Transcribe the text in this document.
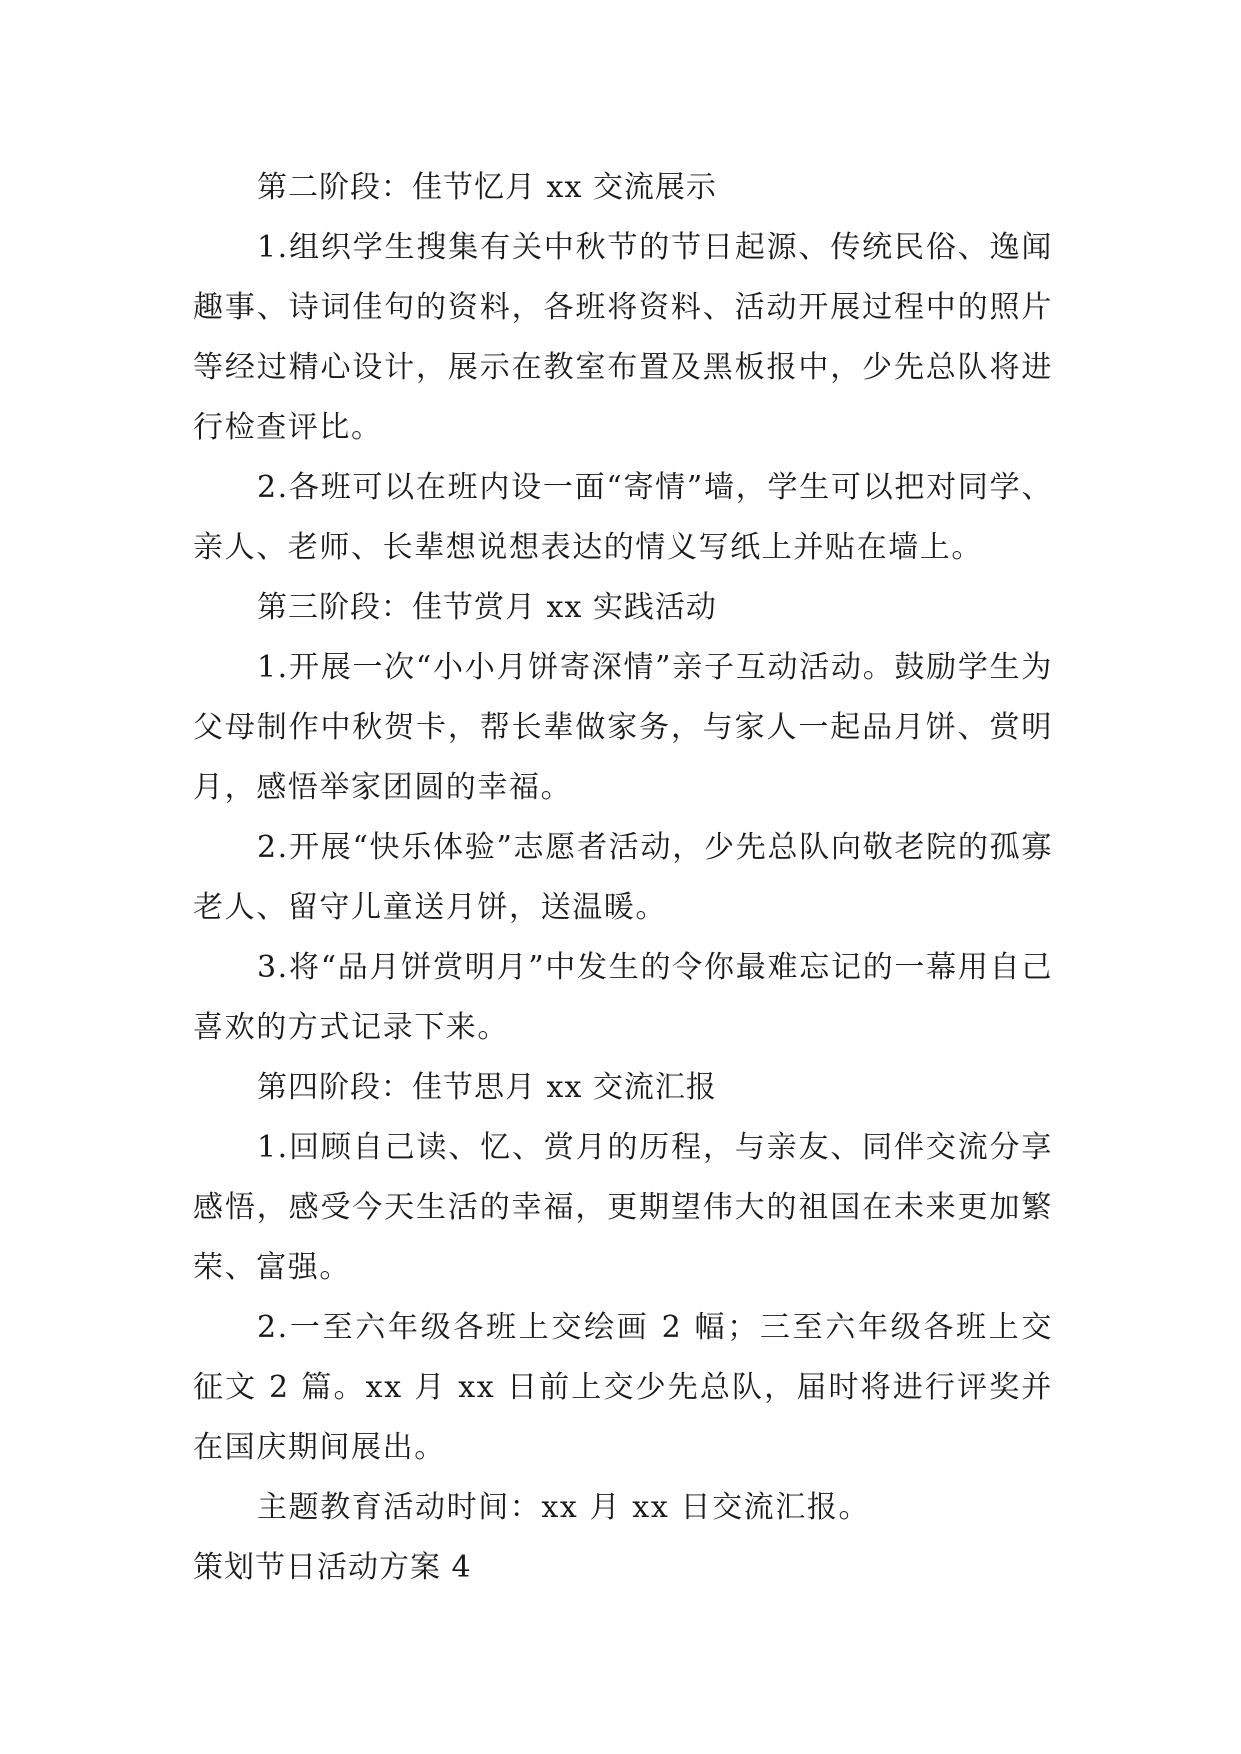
第二阶段：佳节忆月 xx 交流展示

1.组织学生搜集有关中秋节的节日起源、传统民俗、逸闻趣事、诗词佳句的资料，各班将资料、活动开展过程中的照片等经过精心设计，展示在教室布置及黑板报中，少先总队将进行检查评比。

2.各班可以在班内设一面“寄情”墙，学生可以把对同学、亲人、老师、长辈想说想表达的情义写纸上并贴在墙上。

第三阶段：佳节赏月 xx 实践活动

1.开展一次“小小月饼寄深情”亲子互动活动。鼓励学生为父母制作中秋贺卡，帮长辈做家务，与家人一起品月饼、赏明月，感悟举家团圆的幸福。

2.开展“快乐体验”志愿者活动，少先总队向敬老院的孤寡老人、留守儿童送月饼，送温暖。

3.将“品月饼赏明月”中发生的令你最难忘记的一幕用自己喜欢的方式记录下来。

第四阶段：佳节思月 xx 交流汇报

1.回顾自己读、忆、赏月的历程，与亲友、同伴交流分享感悟，感受今天生活的幸福，更期望伟大的祖国在未来更加繁荣、富强。

2.一至六年级各班上交绘画 2 幅；三至六年级各班上交征文 2 篇。xx 月 xx 日前上交少先总队，届时将进行评奖并在国庆期间展出。

主题教育活动时间：xx 月 xx 日交流汇报。

策划节日活动方案 4
